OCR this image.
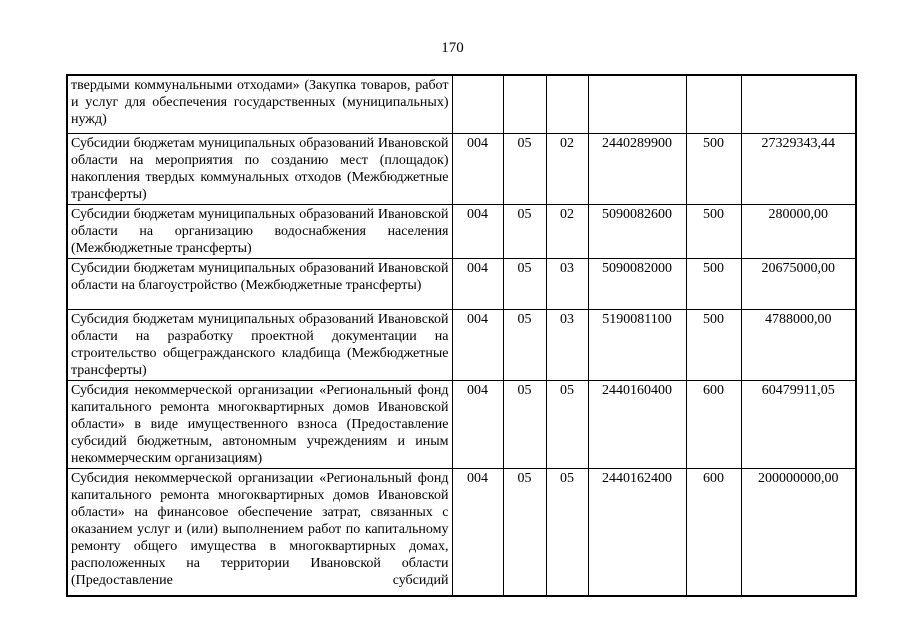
170
твердыми коммунальными отходами» (Закупка товаров, работ и услуг для обеспечения государственных (муниципальных) нужд)						
Субсидии бюджетам муниципальных образований Ивановской области на мероприятия по созданию мест (площадок) накопления твердых коммунальных отходов (Межбюджетные трансферты)	004	05	02	2440289900	500	27329343,44
Субсидии бюджетам муниципальных образований Ивановской области на организацию водоснабжения населения (Межбюджетные трансферты)	004	05	02	5090082600	500	280000,00
Субсидии бюджетам муниципальных образований Ивановской области на благоустройство (Межбюджетные трансферты)	004	05	03	5090082000	500	20675000,00
Субсидия бюджетам муниципальных образований Ивановской области на разработку проектной документации на строительство общегражданского кладбища (Межбюджетные трансферты)	004	05	03	5190081100	500	4788000,00
Субсидия некоммерческой организации «Региональный фонд капитального ремонта многоквартирных домов Ивановской области» в виде имущественного взноса (Предоставление субсидий бюджетным, автономным учреждениям и иным некоммерческим организациям)	004	05	05	2440160400	600	60479911,05
Субсидия некоммерческой организации «Региональный фонд капитального ремонта многоквартирных домов Ивановской области» на финансовое обеспечение затрат, связанных с оказанием услуг и (или) выполнением работ по капитальному ремонту общего имущества в многоквартирных домах, расположенных на территории Ивановской области (Предоставление субсидий	004	05	05	2440162400	600	200000000,00
